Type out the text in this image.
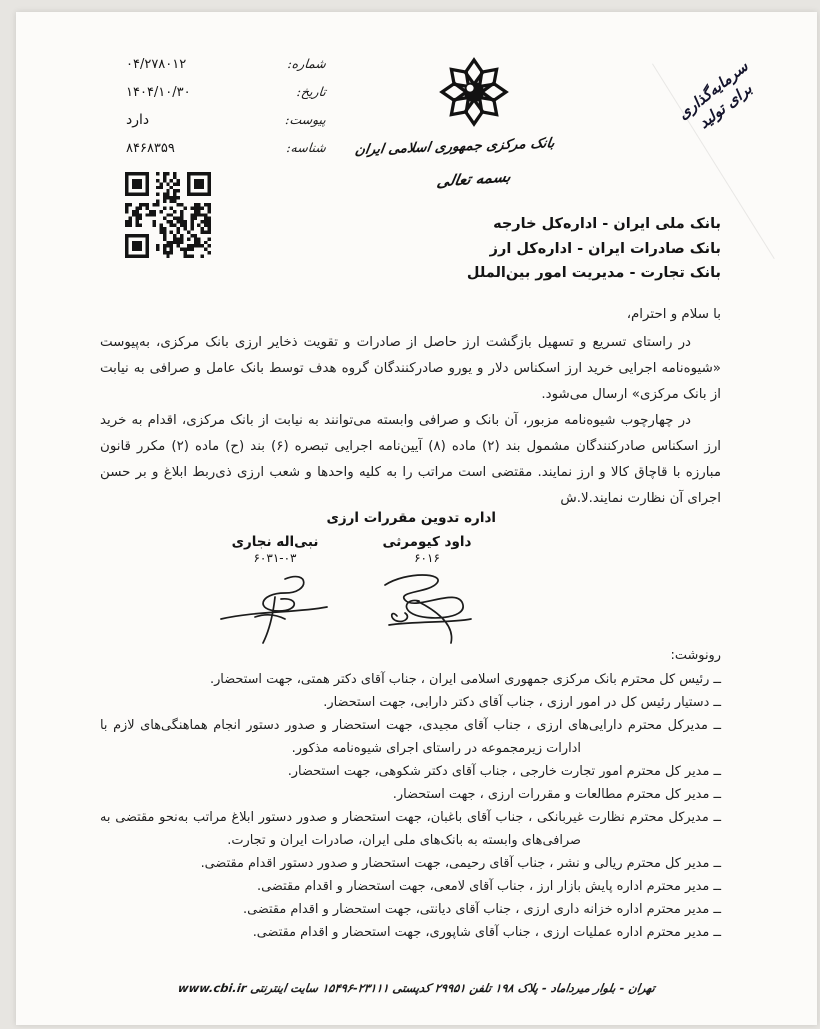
شماره:
۰۴/۲۷۸۰۱۲
تاریخ:
۱۴۰۴/۱۰/۳۰
پیوست:
دارد
شناسه:
۸۴۶۸۳۵۹	بانک مرکزی جمهوری اسلامی ایران
بسمه تعالی
سرمایه‌گذاری برای تولید
بانک ملی ایران - اداره‌کل خارجه
بانک صادرات ایران - اداره‌کل ارز
بانک تجارت - مدیریت امور بین‌الملل

با سلام و احترام،

در راستای تسریع و تسهیل بازگشت ارز حاصل از صادرات و تقویت ذخایر ارزی بانک مرکزی، به‌پیوست «شیوه‌نامه اجرایی خرید ارز اسکناس دلار و یورو صادرکنندگان گروه هدف توسط بانک عامل و صرافی به نیابت از بانک مرکزی» ارسال می‌شود.

در چهارچوب شیوه‌نامه مزبور، آن بانک و صرافی وابسته می‌توانند به نیابت از بانک مرکزی، اقدام به خرید ارز اسکناس صادرکنندگان مشمول بند (۲) ماده (۸) آیین‌نامه اجرایی تبصره (۶) بند (ح) ماده (۲) مکرر قانون مبارزه با قاچاق کالا و ارز نمایند. مقتضی است مراتب را به کلیه واحدها و شعب ارزی ذی‌ربط ابلاغ و بر حسن اجرای آن نظارت نمایند.لا.ش

اداره تدوین مقررات ارزی
داود کیومرثی
۶۰۱۶
نبی‌اله نجاری
۶۰۳۱-۰۳
رونوشت:
ــ رئیس کل محترم بانک مرکزی جمهوری اسلامی ایران ، جناب آقای دکتر همتی، جهت استحضار.
ــ دستیار رئیس کل در امور ارزی ، جناب آقای دکتر دارابی، جهت استحضار.
ــ مدیرکل محترم دارایی‌های ارزی ، جناب آقای مجیدی، جهت استحضار و صدور دستور انجام هماهنگی‌های لازم با ادارات زیرمجموعه در راستای اجرای شیوه‌نامه مذکور.
ــ مدیر کل محترم امور تجارت خارجی ، جناب آقای دکتر شکوهی، جهت استحضار.
ــ مدیر کل محترم مطالعات و مقررات ارزی ، جهت استحضار.
ــ مدیرکل محترم نظارت غیربانکی ، جناب آقای باغبان، جهت استحضار و صدور دستور ابلاغ مراتب به‌نحو مقتضی به صرافی‌های وابسته به بانک‌های ملی ایران، صادرات ایران و تجارت.
ــ مدیر کل محترم ریالی و نشر ، جناب آقای رحیمی، جهت استحضار و صدور دستور اقدام مقتضی.
ــ مدیر محترم اداره پایش بازار ارز ، جناب آقای لامعی، جهت استحضار و اقدام مقتضی.
ــ مدیر محترم اداره خزانه داری ارزی ، جناب آقای دیانتی، جهت استحضار و اقدام مقتضی.
ــ مدیر محترم اداره عملیات ارزی ، جناب آقای شاپوری، جهت استحضار و اقدام مقتضی.
تهران - بلوار میرداماد - پلاک ۱۹۸ تلفن ۲۹۹۵۱ کدپستی ۲۳۱۱۱-۱۵۴۹۶ سایت اینترنتی www.cbi.ir
